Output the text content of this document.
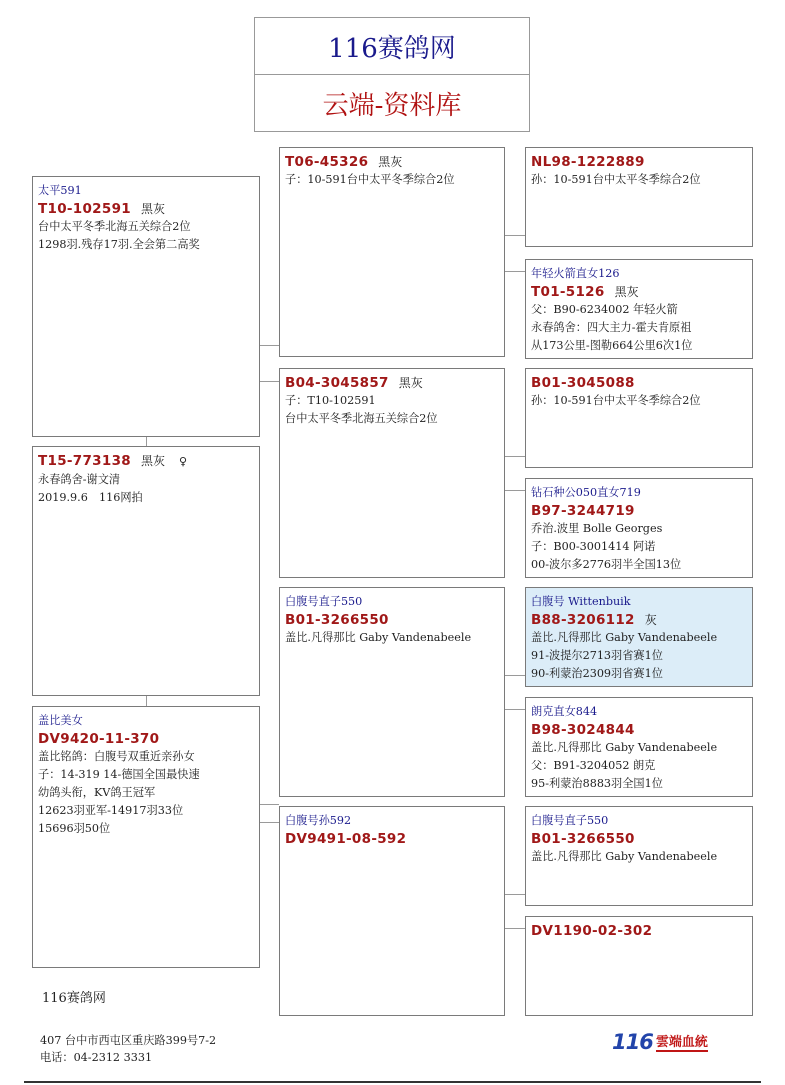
116赛鸽网
云端-资料库
太平591
T10-102591 黑灰
台中太平冬季北海五关综合2位
1298羽.残存17羽.全会第二高奖
T15-773138 黑灰 ♀
永春鸽舍-谢文清
2019.9.6　116网拍
盖比美女
DV9420-11-370
盖比铭鸽：白腹号双重近亲孙女
子：14-319 14-德国全国最快速
幼鸽头衔，KV鸽王冠军
12623羽亚军-14917羽33位
15696羽50位
T06-45326 黑灰
子：10-591台中太平冬季综合2位
B04-3045857 黑灰
子：T10-102591
台中太平冬季北海五关综合2位
白腹号直子550
B01-3266550
盖比.凡得那比 Gaby Vandenabeele
白腹号孙592
DV9491-08-592
NL98-1222889
孙：10-591台中太平冬季综合2位
年轻火箭直女126
T01-5126 黑灰
父：B90-6234002 年轻火箭
永春鸽舍：四大主力-霍夫肯原祖
从173公里-图勒664公里6次1位
B01-3045088
孙：10-591台中太平冬季综合2位
钻石种公050直女719
B97-3244719
乔治.波里 Bolle Georges
子：B00-3001414 阿诺
00-波尔多2776羽半全国13位
白腹号 Wittenbuik
B88-3206112 灰
盖比.凡得那比 Gaby Vandenabeele
91-波提尔2713羽省赛1位
90-利蒙治2309羽省赛1位
朗克直女844
B98-3024844
盖比.凡得那比 Gaby Vandenabeele
父：B91-3204052 朗克
95-利蒙治8883羽全国1位
白腹号直子550
B01-3266550
盖比.凡得那比 Gaby Vandenabeele
DV1190-02-302
116赛鸽网
407 台中市西屯区重庆路399号7-2
电话：04-2312 3331
116 雲端血統
